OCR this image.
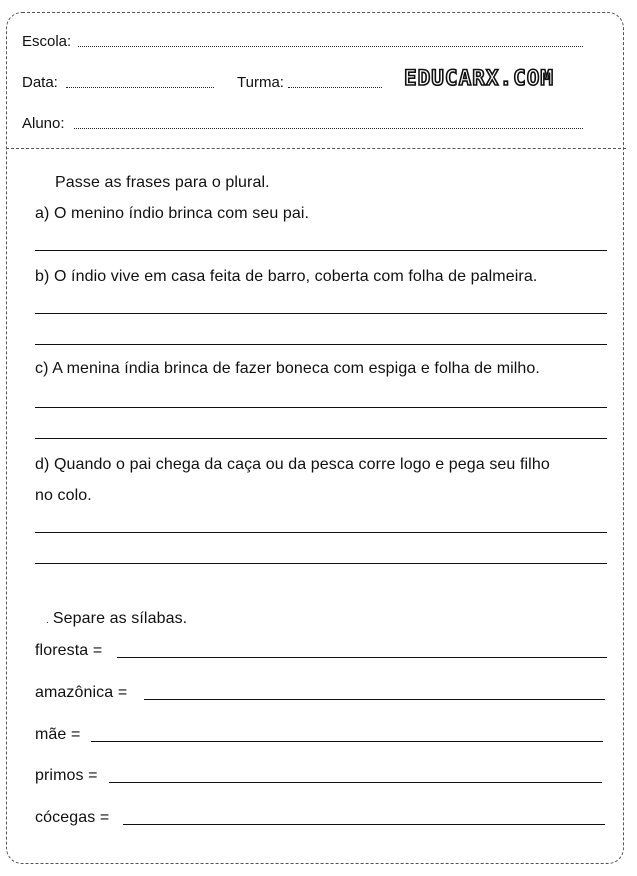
Escola:
Data:	Turma:	EDUCARX.COM
Aluno:
Passe as frases para o plural.
a) O menino índio brinca com seu pai.
b) O índio vive em casa feita de barro, coberta com folha de palmeira.
c) A menina índia brinca de fazer boneca com espiga e folha de milho.
d) Quando o pai chega da caça ou da pesca corre logo e pega seu filho
no colo.
. Separe as sílabas.
floresta =
amazônica =
mãe =
primos =
cócegas =
